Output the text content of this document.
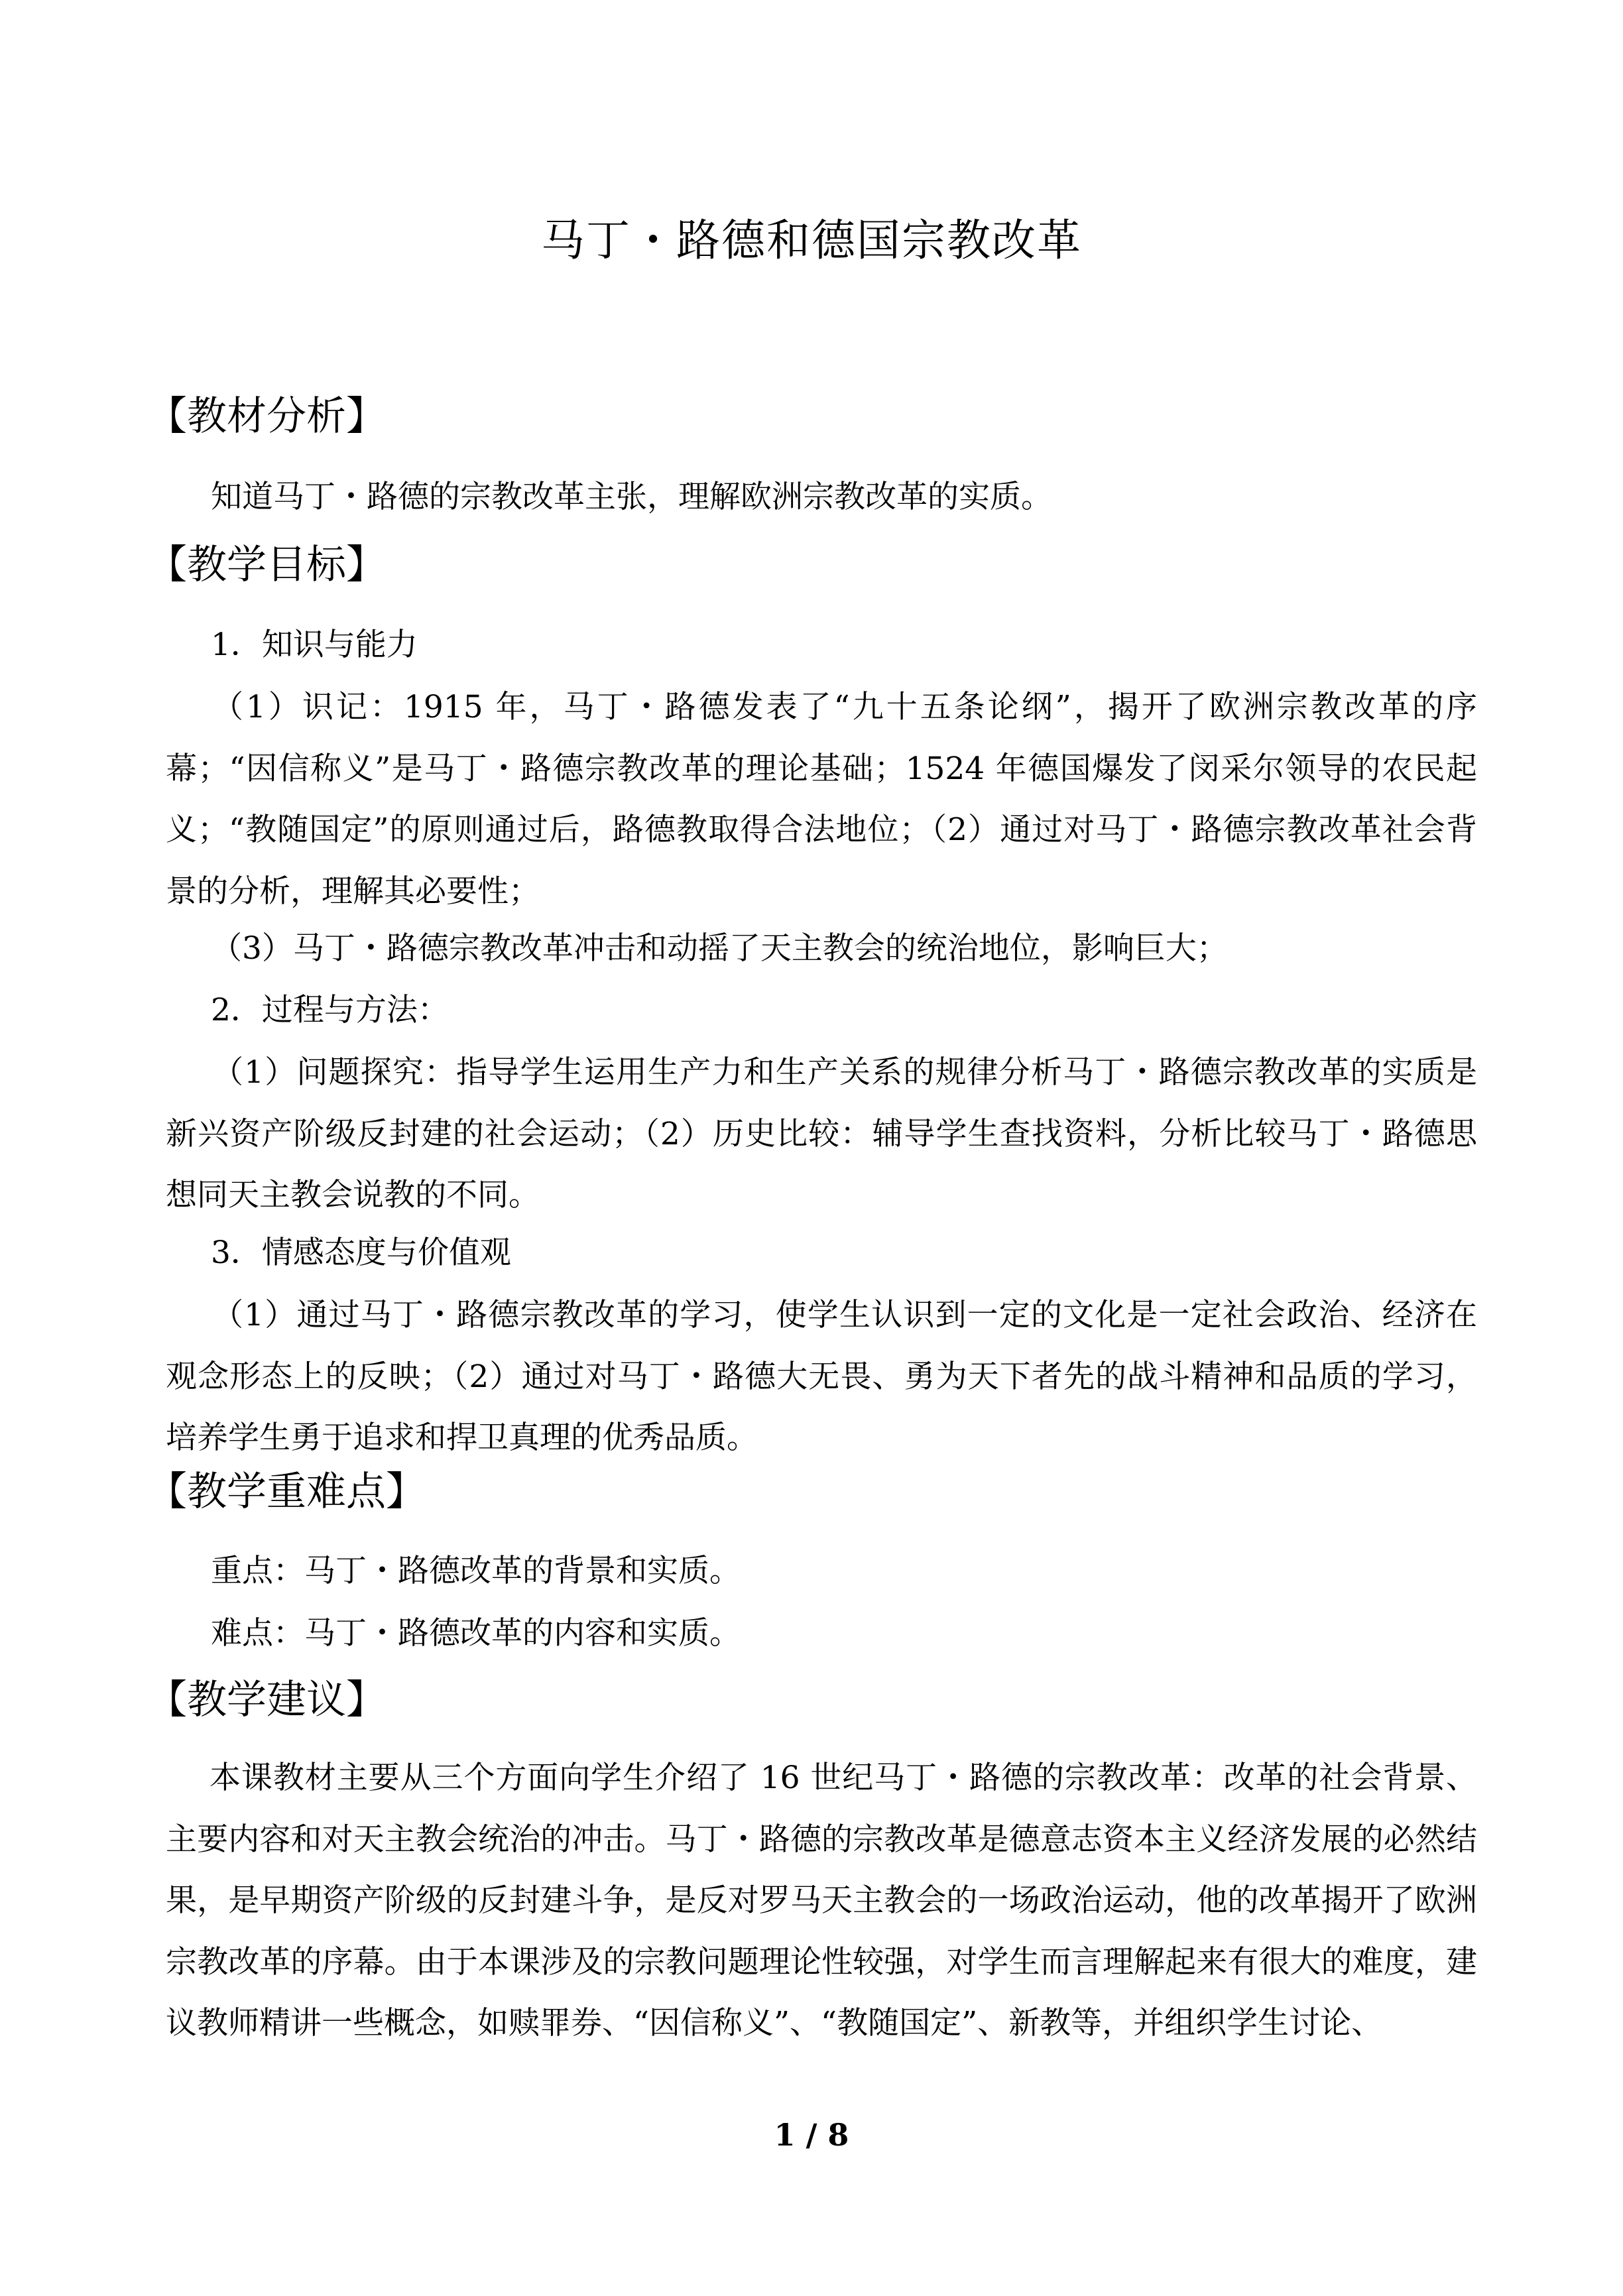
马丁・路德和德国宗教改革
【教材分析】
知道马丁・路德的宗教改革主张，理解欧洲宗教改革的实质。
【教学目标】
1．知识与能力
（1）识记：1915 年，马丁・路德发表了“九十五条论纲”，揭开了欧洲宗教改革的序幕；“因信称义”是马丁・路德宗教改革的理论基础；1524 年德国爆发了闵采尔领导的农民起义；“教随国定”的原则通过后，路德教取得合法地位；（2）通过对马丁・路德宗教改革社会背景的分析，理解其必要性；
（3）马丁・路德宗教改革冲击和动摇了天主教会的统治地位，影响巨大；
2．过程与方法：
（1）问题探究：指导学生运用生产力和生产关系的规律分析马丁・路德宗教改革的实质是新兴资产阶级反封建的社会运动；（2）历史比较：辅导学生查找资料，分析比较马丁・路德思想同天主教会说教的不同。
3．情感态度与价值观
（1）通过马丁・路德宗教改革的学习，使学生认识到一定的文化是一定社会政治、经济在观念形态上的反映；（2）通过对马丁・路德大无畏、勇为天下者先的战斗精神和品质的学习，培养学生勇于追求和捍卫真理的优秀品质。
【教学重难点】
重点：马丁・路德改革的背景和实质。
难点：马丁・路德改革的内容和实质。
【教学建议】
本课教材主要从三个方面向学生介绍了 16 世纪马丁・路德的宗教改革：改革的社会背景、主要内容和对天主教会统治的冲击。马丁・路德的宗教改革是德意志资本主义经济发展的必然结果，是早期资产阶级的反封建斗争，是反对罗马天主教会的一场政治运动，他的改革揭开了欧洲宗教改革的序幕。由于本课涉及的宗教问题理论性较强，对学生而言理解起来有很大的难度，建议教师精讲一些概念，如赎罪券、“因信称义”、“教随国定”、新教等，并组织学生讨论、
1 / 8
